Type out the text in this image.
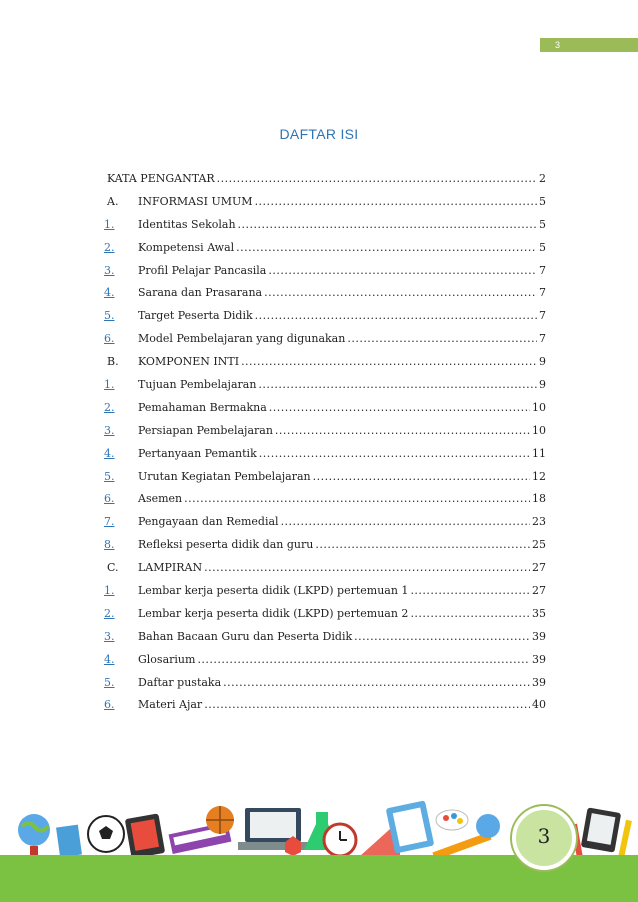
3
DAFTAR ISI
KATA PENGANTAR .....	2
A.	INFORMASI UMUM .....	5
1.	Identitas Sekolah .....	5
2.	Kompetensi Awal .....	5
3.	Profil Pelajar Pancasila .....	7
4.	Sarana dan Prasarana .....	7
5.	Target Peserta Didik .....	7
6.	Model Pembelajaran yang digunakan .....	7
B.	KOMPONEN INTI .....	9
1.	Tujuan Pembelajaran .....	9
2.	Pemahaman Bermakna .....	10
3.	Persiapan Pembelajaran .....	10
4.	Pertanyaan Pemantik .....	11
5.	Urutan Kegiatan Pembelajaran .....	12
6.	Asemen .....	18
7.	Pengayaan dan Remedial .....	23
8.	Refleksi peserta didik dan guru .....	25
C.	LAMPIRAN .....	27
1.	Lembar kerja peserta didik (LKPD) pertemuan 1 .....	27
2.	Lembar kerja peserta didik (LKPD) pertemuan 2 .....	35
3.	Bahan Bacaan Guru dan Peserta Didik .....	39
4.	Glosarium .....	39
5.	Daftar pustaka .....	39
6.	Materi Ajar .....	40
3
